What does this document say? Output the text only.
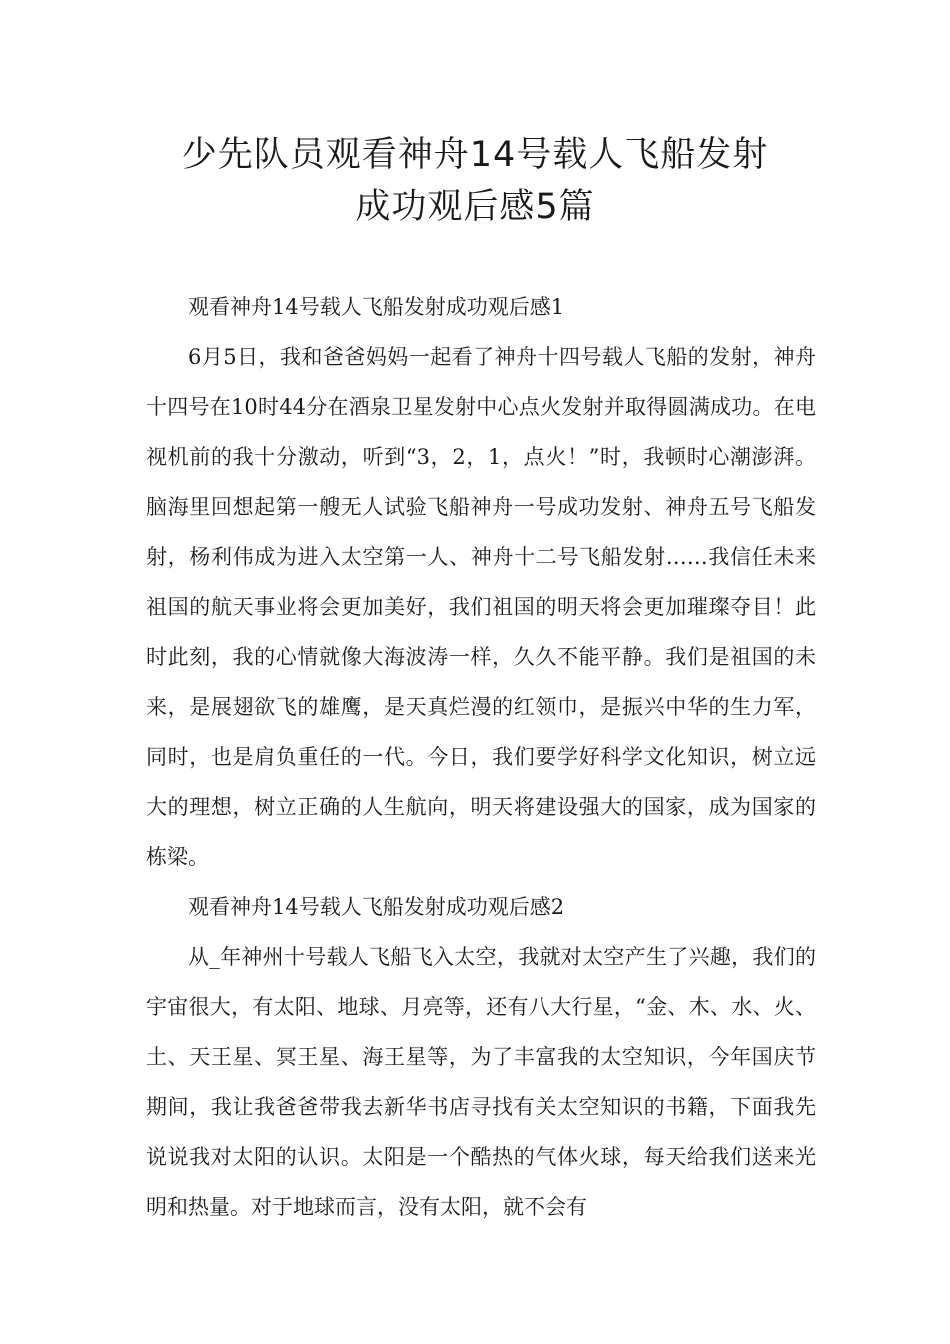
少先队员观看神舟14号载人飞船发射
成功观后感5篇

观看神舟14号载人飞船发射成功观后感1

6月5日，我和爸爸妈妈一起看了神舟十四号载人飞船的发射，神舟十四号在10时44分在酒泉卫星发射中心点火发射并取得圆满成功。在电视机前的我十分激动，听到“3，2，1，点火！”时，我顿时心潮澎湃。脑海里回想起第一艘无人试验飞船神舟一号成功发射、神舟五号飞船发射，杨利伟成为进入太空第一人、神舟十二号飞船发射……我信任未来祖国的航天事业将会更加美好，我们祖国的明天将会更加璀璨夺目！此时此刻，我的心情就像大海波涛一样，久久不能平静。我们是祖国的未来，是展翅欲飞的雄鹰，是天真烂漫的红领巾，是振兴中华的生力军，同时，也是肩负重任的一代。今日，我们要学好科学文化知识，树立远大的理想，树立正确的人生航向，明天将建设强大的国家，成为国家的栋梁。

观看神舟14号载人飞船发射成功观后感2

从_年神州十号载人飞船飞入太空，我就对太空产生了兴趣，我们的宇宙很大，有太阳、地球、月亮等，还有八大行星，“金、木、水、火、土、天王星、冥王星、海王星等，为了丰富我的太空知识，今年国庆节期间，我让我爸爸带我去新华书店寻找有关太空知识的书籍，下面我先说说我对太阳的认识。太阳是一个酷热的气体火球，每天给我们送来光明和热量。对于地球而言，没有太阳，就不会有
